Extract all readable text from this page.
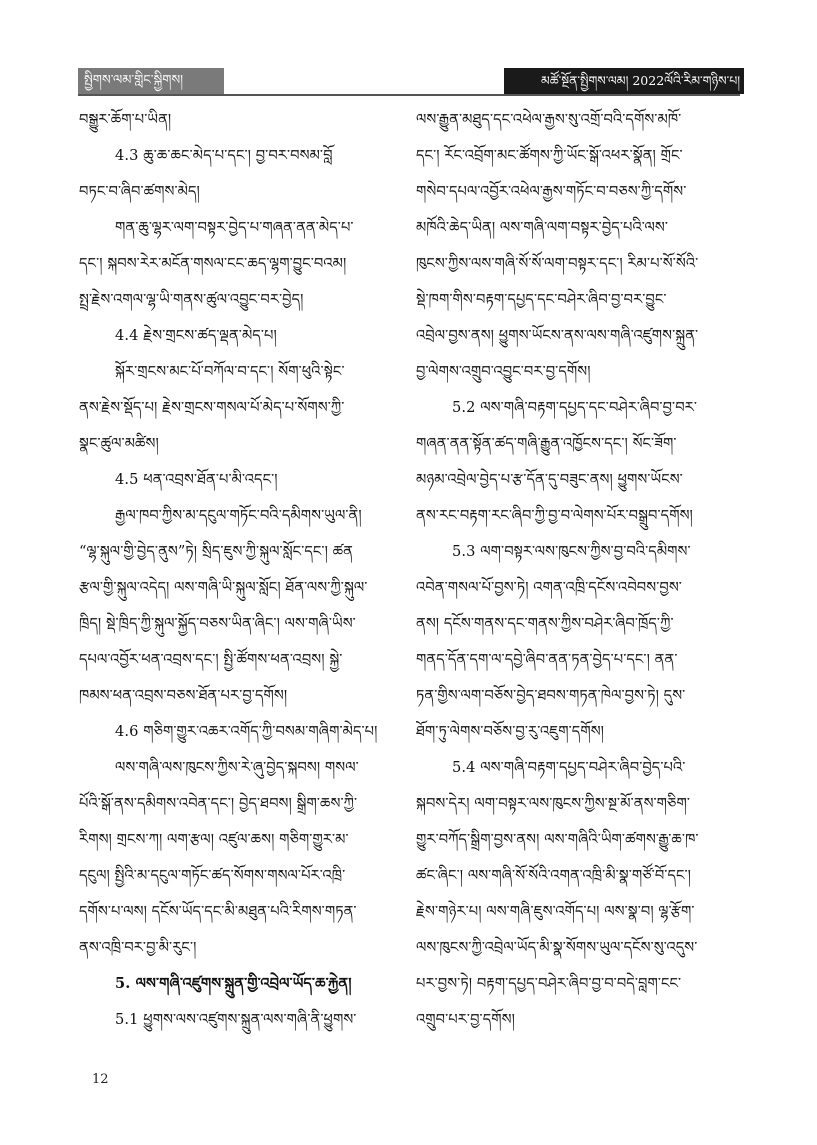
སྤྱིགས་ལམ་གླིང་སྐྱིགས།	མཚོ་སྔོན་སྤྱིགས་ལམ། 2022ལོའི་རིམ་གཉིས་པ།
བསྒྱུར་ཆོག་པ་ཡིན།
4.3 ཆུ་ཆ་ཆང་མེད་པ་དང་། བྱ་བར་བསམ་བློ
བཏང་བ་ཞིབ་ཚགས་མེད།
གན་ཆུ་ལྷར་ལག་བསྟར་བྱེད་པ་གཞན་ནན་མེད་པ་
དང་། སྐབས་རེར་མངོན་གསལ་ངང་ཆད་ལྷག་བྱུང་བའམ།
སྤྲ་རྗེས་འགལ་ལྷ་ཡི་གནས་ཚུལ་འབྱུང་བར་བྱེད།
4.4 རྗེས་གྲངས་ཚད་ལྡན་མེད་པ།
སྐོར་གྲངས་མང་པོ་བཀོལ་བ་དང་། སོག་ཕུའི་སྟེང་
ནས་རྗེས་སྡོད་པ། རྗེས་གྲངས་གསལ་པོ་མེད་པ་སོགས་ཀྱི་
སྣང་ཚུལ་མཚིས།
4.5 ཕན་འབྲས་ཐོན་པ་མི་འདང་།
རྒྱལ་ཁབ་ཀྱིས་མ་དངུལ་གཏོང་བའི་དམིགས་ཡུལ་ནི།
“ལྷ་སྐུལ་གྱི་བྱེད་ནུས”ཏེ། སྲིད་ཇུས་ཀྱི་སྐུལ་སློང་དང་། ཚན
རྩལ་གྱི་སྐུལ་འདེད། ལས་གཞི་ཡི་སྐུལ་སློང། ཐོན་ལས་ཀྱི་སྐུལ་
ཁྲིད། སྡེ་ཁྲིད་ཀྱི་སྐུལ་སྐྱོད་བཅས་ཡིན་ཞིང་། ལས་གཞི་ཡིས་
དཔལ་འབྱོར་ཕན་འབྲས་དང་། སྤྱི་ཚོགས་ཕན་འབྲས། སྐྱེ་
ཁམས་ཕན་འབྲས་བཅས་ཐོན་པར་བྱ་དགོས།
4.6 གཅིག་གྱུར་འཆར་འགོད་ཀྱི་བསམ་གཞིག་མེད་པ།
ལས་གཞི་ལས་ཁུངས་ཀྱིས་རེ་ཞུ་བྱེད་སྐབས། གསལ་
པོའི་སྒོ་ནས་དམིགས་འབེན་དང་། བྱེད་ཐབས། སྒྲིག་ཆས་ཀྱི་
རིགས། གྲངས་ཀ། ལག་རྩལ། འཛུལ་ཆས། གཅིག་གྱུར་མ་
དངུལ། སྤྱིའི་མ་དངུལ་གཏོང་ཚད་སོགས་གསལ་པོར་འཁྲི་
དགོས་པ་ལས། དངོས་ཡོད་དང་མི་མཐུན་པའི་རིགས་གཏན་
ནས་འཁྲི་བར་བྱ་མི་རུང་།
5. ལས་གཞི་འཛུགས་སྐྲུན་གྱི་འབྲེལ་ཡོད་ཆ་རྐྱེན།
5.1 ཕྱུགས་ལས་འཛུགས་སྐྲུན་ལས་གཞི་ནི་ཕྱུགས་
ལས་རྒྱུན་མཐུད་དང་འཕེལ་རྒྱས་སུ་འགྲོ་བའི་དགོས་མཁོ་
དང་། རོང་འབྲོག་མང་ཚོགས་ཀྱི་ཡོང་སྒོ་འཕར་སྣོན། གྲོང་
གསེབ་དཔལ་འབྱོར་འཕེལ་རྒྱས་གཏོང་བ་བཅས་ཀྱི་དགོས་
མཁོའི་ཆེད་ཡིན། ལས་གཞི་ལག་བསྟར་བྱེད་པའི་ལས་
ཁུངས་ཀྱིས་ལས་གཞི་སོ་སོ་ལག་བསྟར་དང་། རིམ་པ་སོ་སོའི་
སྡེ་ཁག་གིས་བརྟག་དཔྱད་དང་བཤེར་ཞིབ་བྱ་བར་བྱུང་
འབྲེལ་བྱས་ནས། ཕྱུགས་ཡོངས་ནས་ལས་གཞི་འཛུགས་སྐྲུན་
བྱ་ལེགས་འགྲུབ་འབྱུང་བར་བྱ་དགོས།
5.2 ལས་གཞི་བརྟག་དཔྱད་དང་བཤེར་ཞིབ་བྱ་བར་
གཞན་ནན་སྟོན་ཚད་གཞི་རྒྱུན་འཁྱོངས་དང་། སོང་ཟོག་
མཉམ་འབྲེལ་བྱེད་པ་རྩ་དོན་དུ་བཟུང་ནས། ཕྱུགས་ཡོངས་
ནས་རང་བརྟག་རང་ཞིབ་ཀྱི་བྱ་བ་ལེགས་པོར་བསྒྲུབ་དགོས།
5.3 ལག་བསྟར་ལས་ཁུངས་ཀྱིས་བྱ་བའི་དམིགས་
འབེན་གསལ་པོ་བྱས་ཏེ། འགན་འཁྲི་དངོས་འབེབས་བྱས་
ནས། དངོས་གནས་དང་གནས་ཀྱིས་བཤེར་ཞིབ་ཁྲོད་ཀྱི་
གནད་དོན་དག་ལ་དབྱེ་ཞིབ་ནན་ཏན་བྱེད་པ་དང་། ནན་
ཏན་གྱིས་ལག་བཅོས་བྱེད་ཐབས་གཏན་ཁེལ་བྱས་ཏེ། དུས་
ཐོག་ཏུ་ལེགས་བཅོས་བྱ་རུ་འཇུག་དགོས།
5.4 ལས་གཞི་བརྟག་དཔྱད་བཤེར་ཞིབ་བྱེད་པའི་
སྐབས་དེར། ལག་བསྟར་ལས་ཁུངས་ཀྱིས་སྔ་མོ་ནས་གཅིག་
གྱུར་བཀོད་སྒྲིག་བྱས་ནས། ལས་གཞིའི་ཡིག་ཚགས་རྒྱུ་ཆ་ཁ་
ཚང་ཞིང་། ལས་གཞི་སོ་སོའི་འགན་འཁྲི་མི་སྣ་གཙོ་བོ་དང་།
རྗེས་གཉེར་པ། ལས་གཞི་ཇུས་འགོད་པ། ལས་སྣ་བ། ལྷ་རྩོག་
ལས་ཁུངས་ཀྱི་འབྲེལ་ཡོད་མི་སྣ་སོགས་ཡུལ་དངོས་སུ་འདུས་
པར་བྱས་ཏེ། བརྟག་དཔྱད་བཤེར་ཞིབ་བྱ་བ་བདེ་བླག་ངང་
འགྲུབ་པར་བྱ་དགོས།
12
